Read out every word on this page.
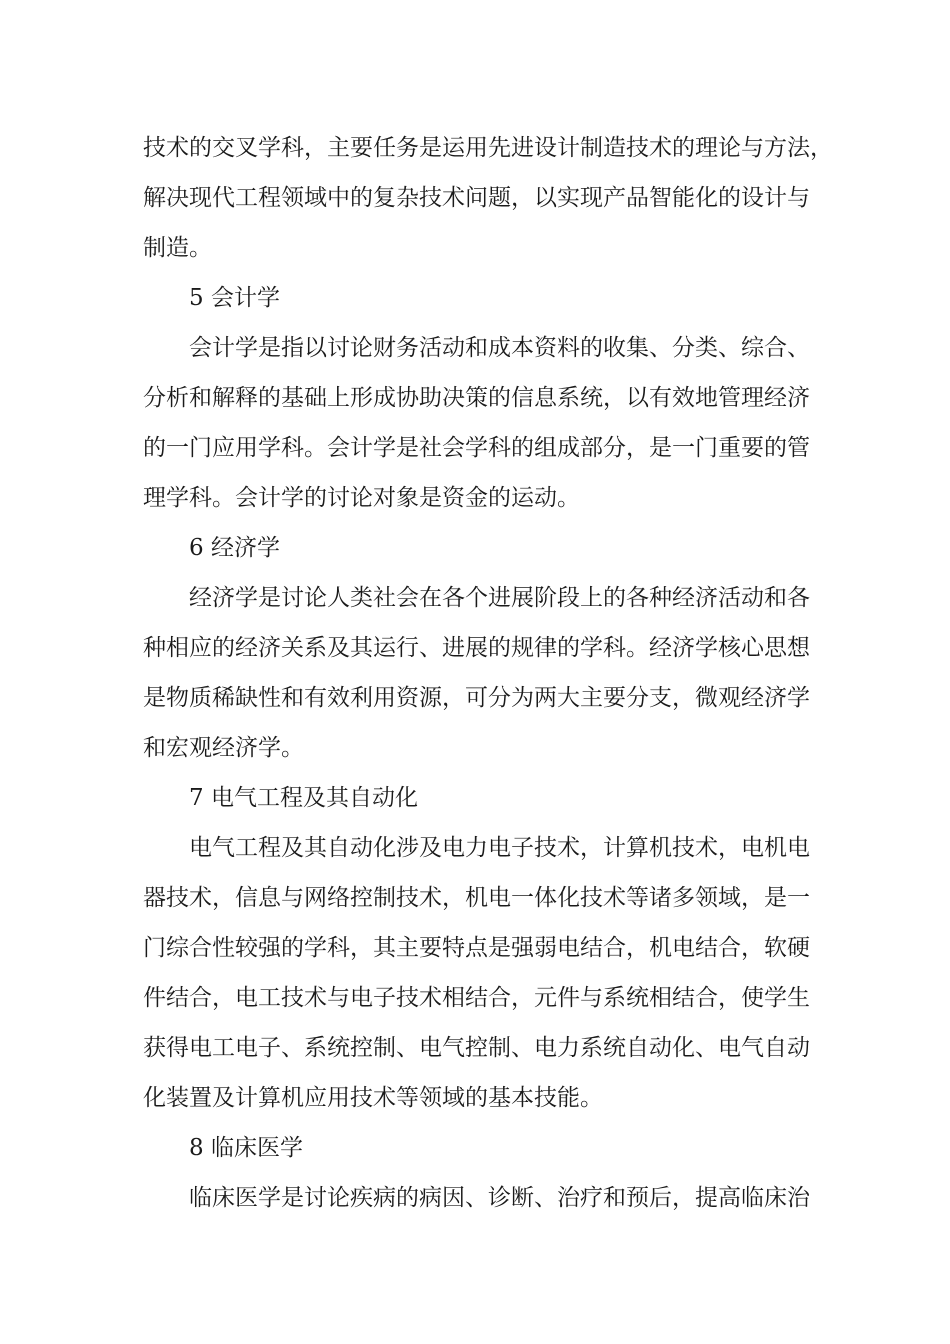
技术的交叉学科，主要任务是运用先进设计制造技术的理论与方法，
解决现代工程领域中的复杂技术问题，以实现产品智能化的设计与
制造。
5 会计学
会计学是指以讨论财务活动和成本资料的收集、分类、综合、
分析和解释的基础上形成协助决策的信息系统，以有效地管理经济
的一门应用学科。会计学是社会学科的组成部分，是一门重要的管
理学科。会计学的讨论对象是资金的运动。
6 经济学
经济学是讨论人类社会在各个进展阶段上的各种经济活动和各
种相应的经济关系及其运行、进展的规律的学科。经济学核心思想
是物质稀缺性和有效利用资源，可分为两大主要分支，微观经济学
和宏观经济学。
7 电气工程及其自动化
电气工程及其自动化涉及电力电子技术，计算机技术，电机电
器技术，信息与网络控制技术，机电一体化技术等诸多领域，是一
门综合性较强的学科，其主要特点是强弱电结合，机电结合，软硬
件结合，电工技术与电子技术相结合，元件与系统相结合，使学生
获得电工电子、系统控制、电气控制、电力系统自动化、电气自动
化装置及计算机应用技术等领域的基本技能。
8 临床医学
临床医学是讨论疾病的病因、诊断、治疗和预后，提高临床治
